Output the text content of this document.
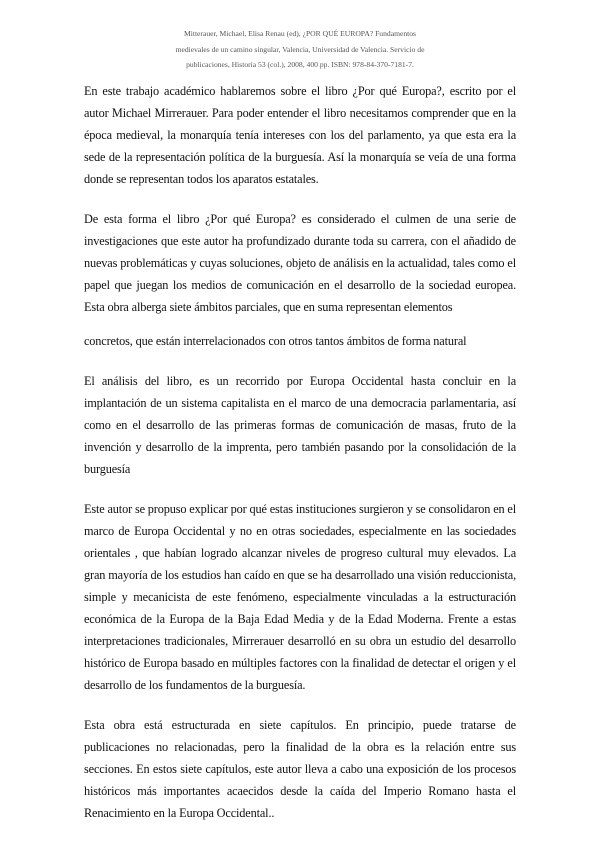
Mitterauer, Michael, Elisa Renau (ed), ¿POR QUÉ EUROPA? Fundamentos
medievales de un camino singular, Valencia, Universidad de Valencia. Servicio de
publicaciones, Historia 53 (col.), 2008, 400 pp. ISBN: 978-84-370-7181-7.

En este trabajo académico hablaremos sobre el libro ¿Por qué Europa?, escrito por el autor Michael Mirrerauer. Para poder entender el libro necesitamos comprender que en la época medieval, la monarquía tenía intereses con los del parlamento, ya que esta era la sede de la representación política de la burguesía. Así la monarquía se veía de una forma donde se representan todos los aparatos estatales.

De esta forma el libro ¿Por qué Europa? es considerado el culmen de una serie de investigaciones que este autor ha profundizado durante toda su carrera, con el añadido de nuevas problemáticas y cuyas soluciones, objeto de análisis en la actualidad, tales como el papel que juegan los medios de comunicación en el desarrollo de la sociedad europea. Esta obra alberga siete ámbitos parciales, que en suma representan elementos

concretos, que están interrelacionados con otros tantos ámbitos de forma natural

El análisis del libro, es un recorrido por Europa Occidental hasta concluir en la implantación de un sistema capitalista en el marco de una democracia parlamentaria, así como en el desarrollo de las primeras formas de comunicación de masas, fruto de la invención y desarrollo de la imprenta, pero también pasando por la consolidación de la burguesía

Este autor se propuso explicar por qué estas instituciones surgieron y se consolidaron en el marco de Europa Occidental y no en otras sociedades, especialmente en las sociedades orientales , que habían logrado alcanzar niveles de progreso cultural muy elevados. La gran mayoría de los estudios han caído en que se ha desarrollado una visión reduccionista, simple y mecanicista de este fenómeno, especialmente vinculadas a la estructuración económica de la Europa de la Baja Edad Media y de la Edad Moderna. Frente a estas interpretaciones tradicionales, Mirrerauer desarrolló en su obra un estudio del desarrollo histórico de Europa basado en múltiples factores con la finalidad de detectar el origen y el desarrollo de los fundamentos de la burguesía.

Esta obra está estructurada en siete capítulos. En principio, puede tratarse de publicaciones no relacionadas, pero la finalidad de la obra es la relación entre sus secciones. En estos siete capítulos, este autor lleva a cabo una exposición de los procesos históricos más importantes acaecidos desde la caída del Imperio Romano hasta el Renacimiento en la Europa Occidental..
